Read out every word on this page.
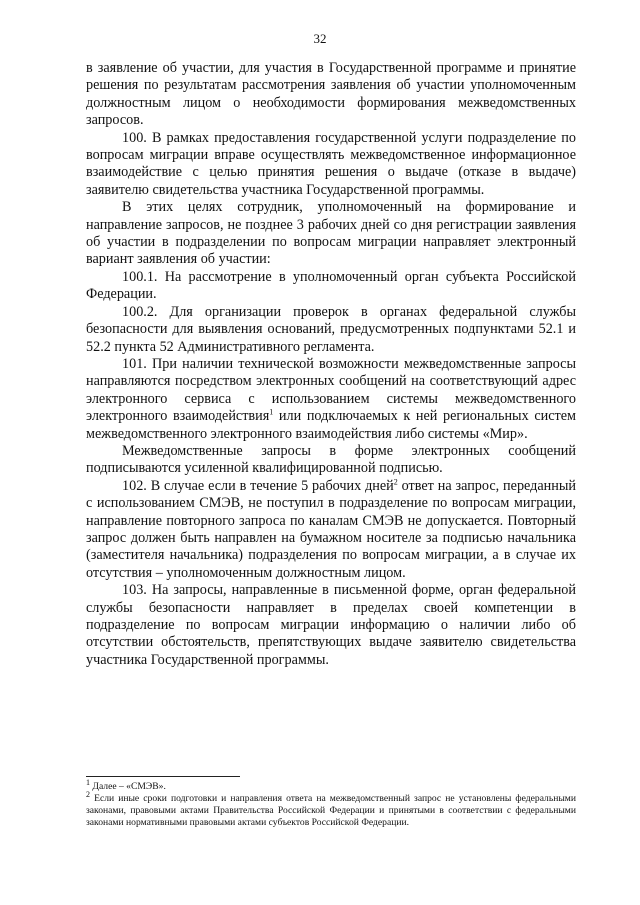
32

в заявление об участии, для участия в Государственной программе и принятие решения по результатам рассмотрения заявления об участии уполномоченным должностным лицом о необходимости формирования межведомственных запросов.

100. В рамках предоставления государственной услуги подразделение по вопросам миграции вправе осуществлять межведомственное информационное взаимодействие с целью принятия решения о выдаче (отказе в выдаче) заявителю свидетельства участника Государственной программы.

В этих целях сотрудник, уполномоченный на формирование и направление запросов, не позднее 3 рабочих дней со дня регистрации заявления об участии в подразделении по вопросам миграции направляет электронный вариант заявления об участии:

100.1. На рассмотрение в уполномоченный орган субъекта Российской Федерации.

100.2. Для организации проверок в органах федеральной службы безопасности для выявления оснований, предусмотренных подпунктами 52.1 и 52.2 пункта 52 Административного регламента.

101. При наличии технической возможности межведомственные запросы направляются посредством электронных сообщений на соответствующий адрес электронного сервиса с использованием системы межведомственного электронного взаимодействия$^1$ или подключаемых к ней региональных систем межведомственного электронного взаимодействия либо системы «Мир».

Межведомственные запросы в форме электронных сообщений подписываются усиленной квалифицированной подписью.

102. В случае если в течение 5 рабочих дней$^2$ ответ на запрос, переданный с использованием СМЭВ, не поступил в подразделение по вопросам миграции, направление повторного запроса по каналам СМЭВ не допускается. Повторный запрос должен быть направлен на бумажном носителе за подписью начальника (заместителя начальника) подразделения по вопросам миграции, а в случае их отсутствия – уполномоченным должностным лицом.

103. На запросы, направленные в письменной форме, орган федеральной службы безопасности направляет в пределах своей компетенции в подразделение по вопросам миграции информацию о наличии либо об отсутствии обстоятельств, препятствующих выдаче заявителю свидетельства участника Государственной программы.

$^1$ Далее – «СМЭВ».

$^2$ Если иные сроки подготовки и направления ответа на межведомственный запрос не установлены федеральными законами, правовыми актами Правительства Российской Федерации и принятыми в соответствии с федеральными законами нормативными правовыми актами субъектов Российской Федерации.
